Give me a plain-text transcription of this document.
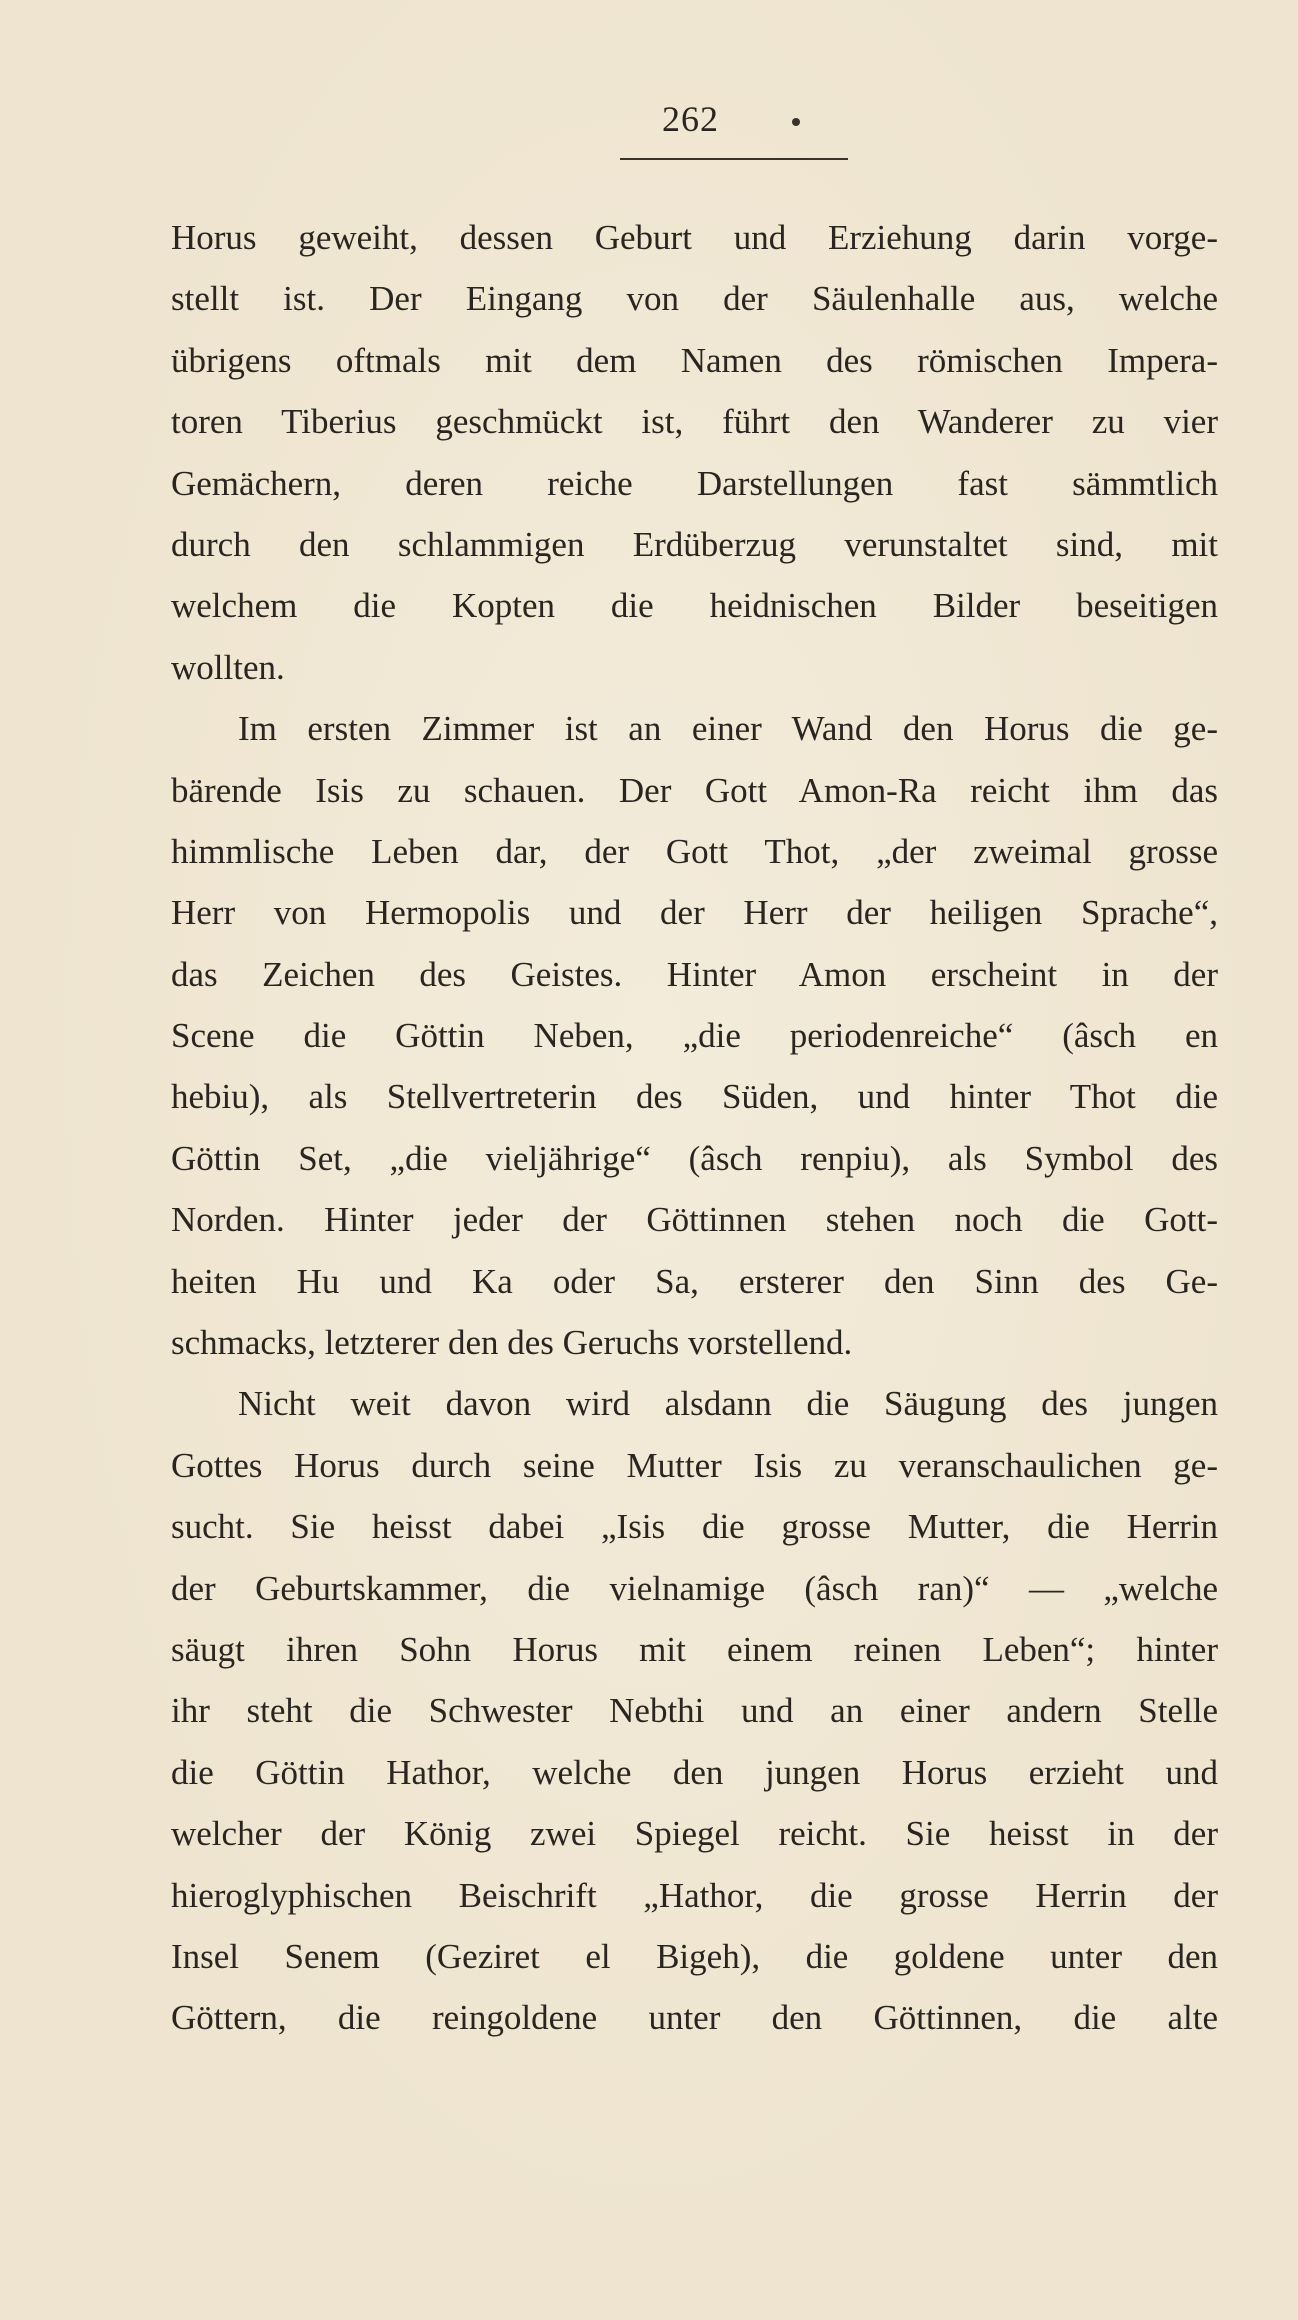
262
Horus geweiht, dessen Geburt und Erziehung darin vorge-
stellt ist. Der Eingang von der Säulenhalle aus, welche
übrigens oftmals mit dem Namen des römischen Impera-
toren Tiberius geschmückt ist, führt den Wanderer zu vier
Gemächern, deren reiche Darstellungen fast sämmtlich
durch den schlammigen Erdüberzug verunstaltet sind, mit
welchem die Kopten die heidnischen Bilder beseitigen
wollten.
Im ersten Zimmer ist an einer Wand den Horus die ge-
bärende Isis zu schauen. Der Gott Amon-Ra reicht ihm das
himmlische Leben dar, der Gott Thot, „der zweimal grosse
Herr von Hermopolis und der Herr der heiligen Sprache“,
das Zeichen des Geistes. Hinter Amon erscheint in der
Scene die Göttin Neben, „die periodenreiche“ (âsch en
hebiu), als Stellvertreterin des Süden, und hinter Thot die
Göttin Set, „die vieljährige“ (âsch renpiu), als Symbol des
Norden. Hinter jeder der Göttinnen stehen noch die Gott-
heiten Hu und Ka oder Sa, ersterer den Sinn des Ge-
schmacks, letzterer den des Geruchs vorstellend.
Nicht weit davon wird alsdann die Säugung des jungen
Gottes Horus durch seine Mutter Isis zu veranschaulichen ge-
sucht. Sie heisst dabei „Isis die grosse Mutter, die Herrin
der Geburtskammer, die vielnamige (âsch ran)“ — „welche
säugt ihren Sohn Horus mit einem reinen Leben“; hinter
ihr steht die Schwester Nebthi und an einer andern Stelle
die Göttin Hathor, welche den jungen Horus erzieht und
welcher der König zwei Spiegel reicht. Sie heisst in der
hieroglyphischen Beischrift „Hathor, die grosse Herrin der
Insel Senem (Geziret el Bigeh), die goldene unter den
Göttern, die reingoldene unter den Göttinnen, die alte
